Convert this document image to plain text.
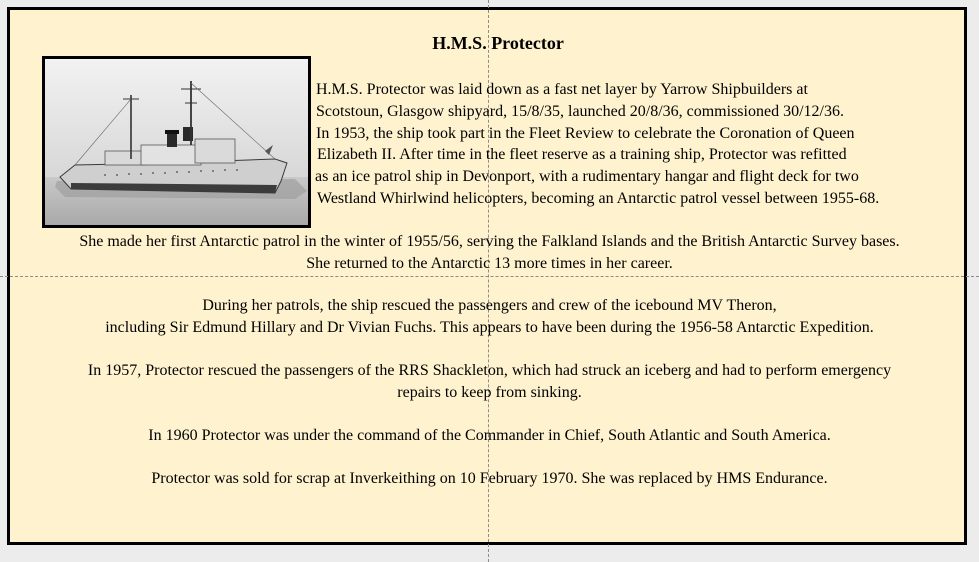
H.M.S. Protector
H.M.S. Protector was laid down as a fast net layer by Yarrow Shipbuilders at
Scotstoun, Glasgow shipyard, 15/8/35, launched 20/8/36, commissioned 30/12/36.
In 1953, the ship took part in the Fleet Review to celebrate the Coronation of Queen
Elizabeth II. After time in the fleet reserve as a training ship, Protector was refitted
as an ice patrol ship in Devonport, with a rudimentary hangar and flight deck for two
Westland Whirlwind helicopters, becoming an Antarctic patrol vessel between 1955-68.
She made her first Antarctic patrol in the winter of 1955/56, serving the Falkland Islands and the British Antarctic Survey bases.
She returned to the Antarctic 13 more times in her career.
During her patrols, the ship rescued the passengers and crew of the icebound MV Theron,
including Sir Edmund Hillary and Dr Vivian Fuchs. This appears to have been during the 1956-58 Antarctic Expedition.
In 1957, Protector rescued the passengers of the RRS Shackleton, which had struck an iceberg and had to perform emergency
repairs to keep from sinking.
In 1960 Protector was under the command of the Commander in Chief, South Atlantic and South America.
Protector was sold for scrap at Inverkeithing on 10 February 1970. She was replaced by HMS Endurance.
